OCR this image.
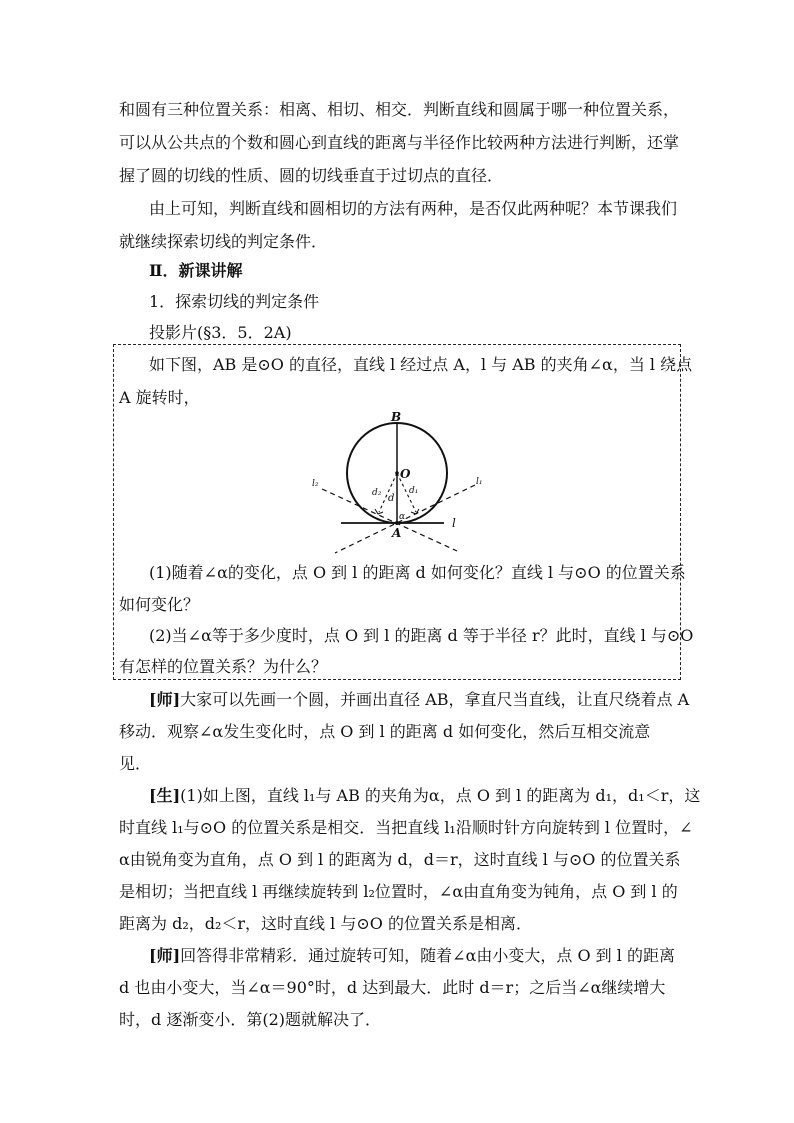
和圆有三种位置关系：相离、相切、相交．判断直线和圆属于哪一种位置关系，
可以从公共点的个数和圆心到直线的距离与半径作比较两种方法进行判断，还掌
握了圆的切线的性质、圆的切线垂直于过切点的直径．
由上可知，判断直线和圆相切的方法有两种，是否仅此两种呢？本节课我们
就继续探索切线的判定条件．
Ⅱ．新课讲解
1．探索切线的判定条件
投影片(§3．5．2A)
如下图，AB 是⊙O 的直径，直线 l 经过点 A，l 与 AB 的夹角∠α，当 l 绕点
A 旋转时，
B
O
A
l
l₁
l₂
d
d₁
d₂
α
(1)随着∠α的变化，点 O 到 l 的距离 d 如何变化？直线 l 与⊙O 的位置关系
如何变化？
(2)当∠α等于多少度时，点 O 到 l 的距离 d 等于半径 r？此时，直线 l 与⊙O
有怎样的位置关系？为什么？
[师]大家可以先画一个圆，并画出直径 AB，拿直尺当直线，让直尺绕着点 A
移动．观察∠α发生变化时，点 O 到 l 的距离 d 如何变化，然后互相交流意
见．
[生](1)如上图，直线 l₁与 AB 的夹角为α，点 O 到 l 的距离为 d₁，d₁＜r，这
时直线 l₁与⊙O 的位置关系是相交．当把直线 l₁沿顺时针方向旋转到 l 位置时，∠
α由锐角变为直角，点 O 到 l 的距离为 d，d＝r，这时直线 l 与⊙O 的位置关系
是相切；当把直线 l 再继续旋转到 l₂位置时，∠α由直角变为钝角，点 O 到 l 的
距离为 d₂，d₂＜r，这时直线 l 与⊙O 的位置关系是相离．
[师]回答得非常精彩．通过旋转可知，随着∠α由小变大，点 O 到 l 的距离
d 也由小变大，当∠α＝90°时，d 达到最大．此时 d＝r；之后当∠α继续增大
时，d 逐渐变小．第(2)题就解决了．
